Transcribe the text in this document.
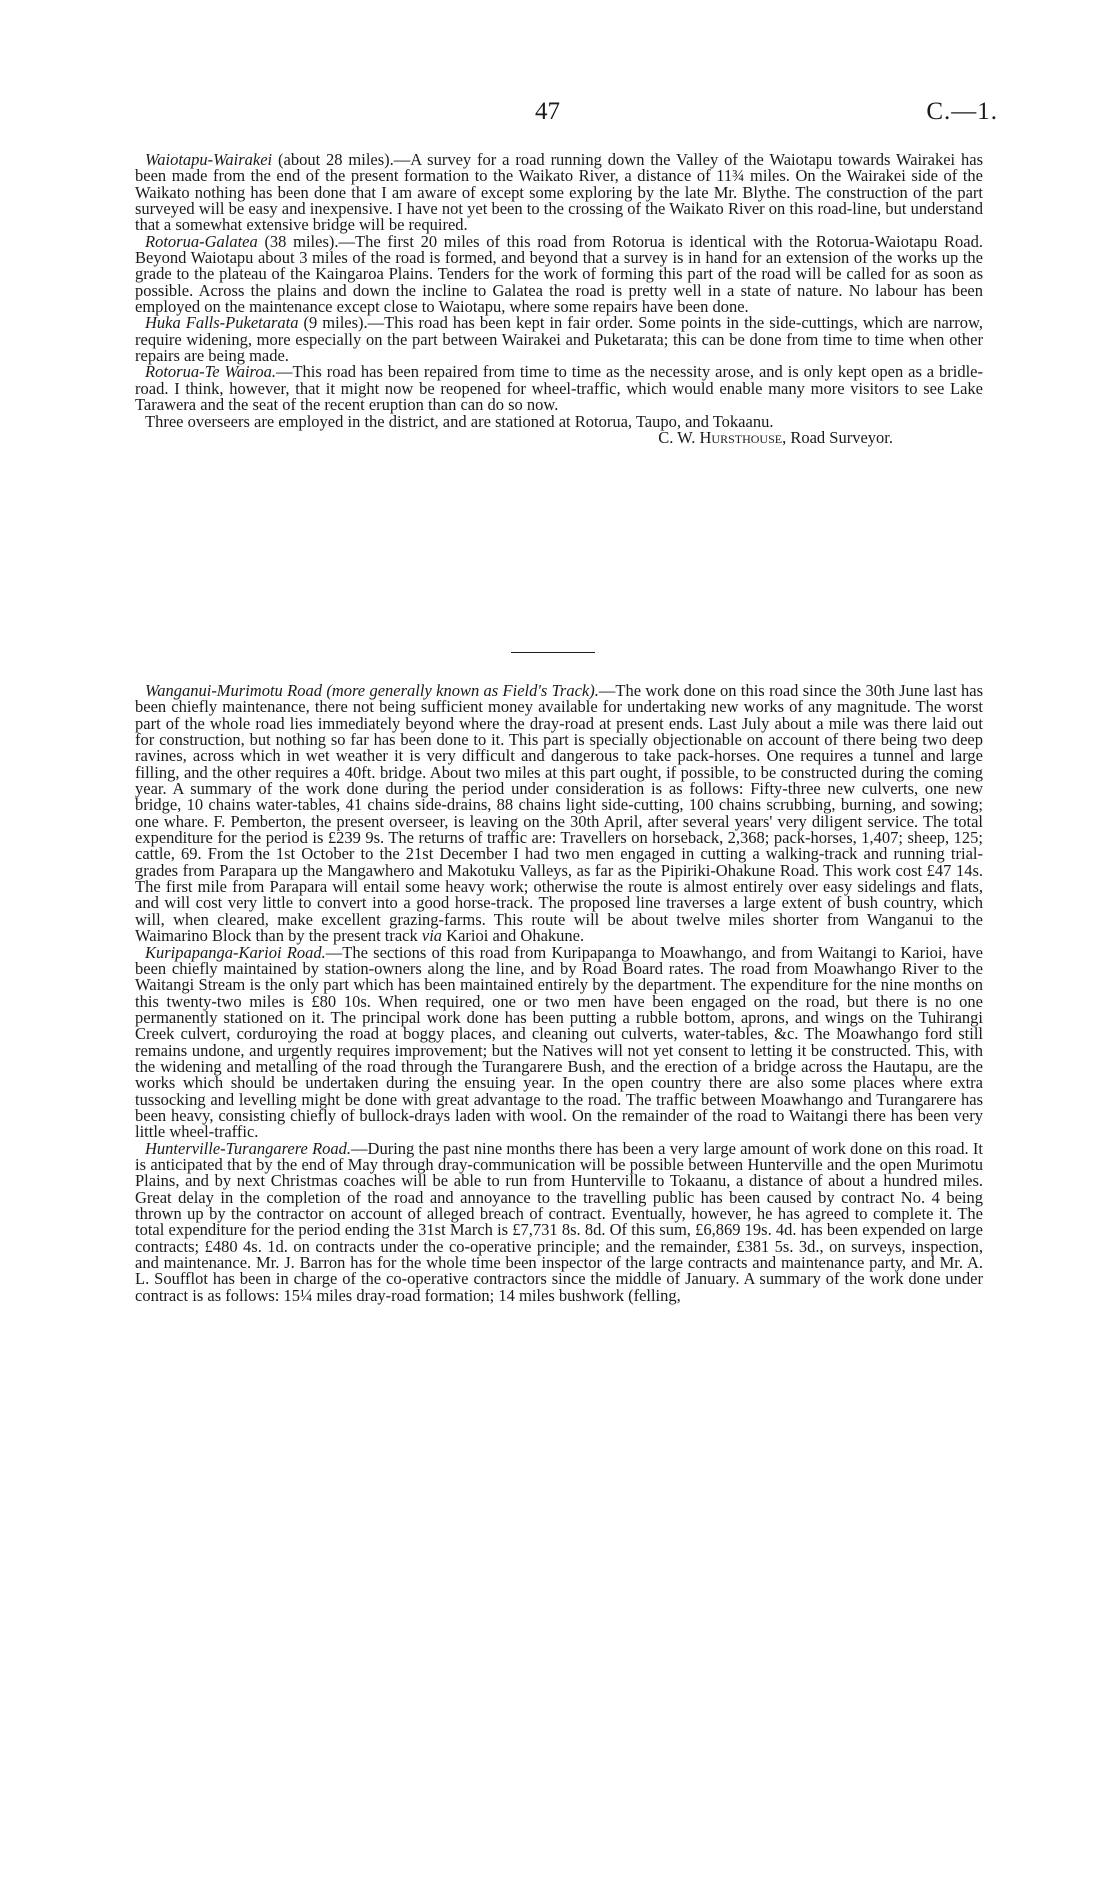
47	C.—1.

Waiotapu-Wairakei (about 28 miles).—A survey for a road running down the Valley of the Waiotapu towards Wairakei has been made from the end of the present formation to the Waikato River, a distance of 11¾ miles. On the Wairakei side of the Waikato nothing has been done that I am aware of except some exploring by the late Mr. Blythe. The construction of the part surveyed will be easy and inexpensive. I have not yet been to the crossing of the Waikato River on this road-line, but understand that a somewhat extensive bridge will be required.

Rotorua-Galatea (38 miles).—The first 20 miles of this road from Rotorua is identical with the Rotorua-Waiotapu Road. Beyond Waiotapu about 3 miles of the road is formed, and beyond that a survey is in hand for an extension of the works up the grade to the plateau of the Kaingaroa Plains. Tenders for the work of forming this part of the road will be called for as soon as possible. Across the plains and down the incline to Galatea the road is pretty well in a state of nature. No labour has been employed on the maintenance except close to Waiotapu, where some repairs have been done.

Huka Falls-Puketarata (9 miles).—This road has been kept in fair order. Some points in the side-cuttings, which are narrow, require widening, more especially on the part between Wairakei and Puketarata; this can be done from time to time when other repairs are being made.

Rotorua-Te Wairoa.—This road has been repaired from time to time as the necessity arose, and is only kept open as a bridle-road. I think, however, that it might now be reopened for wheel-traffic, which would enable many more visitors to see Lake Tarawera and the seat of the recent eruption than can do so now.

Three overseers are employed in the district, and are stationed at Rotorua, Taupo, and Tokaanu.

C. W. Hursthouse, Road Surveyor.

Wanganui-Murimotu Road (more generally known as Field's Track).—The work done on this road since the 30th June last has been chiefly maintenance, there not being sufficient money available for undertaking new works of any magnitude. The worst part of the whole road lies immediately beyond where the dray-road at present ends. Last July about a mile was there laid out for construction, but nothing so far has been done to it. This part is specially objectionable on account of there being two deep ravines, across which in wet weather it is very difficult and dangerous to take pack-horses. One requires a tunnel and large filling, and the other requires a 40ft. bridge. About two miles at this part ought, if possible, to be constructed during the coming year. A summary of the work done during the period under consideration is as follows: Fifty-three new culverts, one new bridge, 10 chains water-tables, 41 chains side-drains, 88 chains light side-cutting, 100 chains scrubbing, burning, and sowing; one whare. F. Pemberton, the present overseer, is leaving on the 30th April, after several years' very diligent service. The total expenditure for the period is £239 9s. The returns of traffic are: Travellers on horseback, 2,368; pack-horses, 1,407; sheep, 125; cattle, 69. From the 1st October to the 21st December I had two men engaged in cutting a walking-track and running trial-grades from Parapara up the Mangawhero and Makotuku Valleys, as far as the Pipiriki-Ohakune Road. This work cost £47 14s. The first mile from Parapara will entail some heavy work; otherwise the route is almost entirely over easy sidelings and flats, and will cost very little to convert into a good horse-track. The proposed line traverses a large extent of bush country, which will, when cleared, make excellent grazing-farms. This route will be about twelve miles shorter from Wanganui to the Waimarino Block than by the present track via Karioi and Ohakune.

Kuripapanga-Karioi Road.—The sections of this road from Kuripapanga to Moawhango, and from Waitangi to Karioi, have been chiefly maintained by station-owners along the line, and by Road Board rates. The road from Moawhango River to the Waitangi Stream is the only part which has been maintained entirely by the department. The expenditure for the nine months on this twenty-two miles is £80 10s. When required, one or two men have been engaged on the road, but there is no one permanently stationed on it. The principal work done has been putting a rubble bottom, aprons, and wings on the Tuhirangi Creek culvert, corduroying the road at boggy places, and cleaning out culverts, water-tables, &c. The Moawhango ford still remains undone, and urgently requires improvement; but the Natives will not yet consent to letting it be constructed. This, with the widening and metalling of the road through the Turangarere Bush, and the erection of a bridge across the Hautapu, are the works which should be undertaken during the ensuing year. In the open country there are also some places where extra tussocking and levelling might be done with great advantage to the road. The traffic between Moawhango and Turangarere has been heavy, consisting chiefly of bullock-drays laden with wool. On the remainder of the road to Waitangi there has been very little wheel-traffic.

Hunterville-Turangarere Road.—During the past nine months there has been a very large amount of work done on this road. It is anticipated that by the end of May through dray-communication will be possible between Hunterville and the open Murimotu Plains, and by next Christmas coaches will be able to run from Hunterville to Tokaanu, a distance of about a hundred miles. Great delay in the completion of the road and annoyance to the travelling public has been caused by contract No. 4 being thrown up by the contractor on account of alleged breach of contract. Eventually, however, he has agreed to complete it. The total expenditure for the period ending the 31st March is £7,731 8s. 8d. Of this sum, £6,869 19s. 4d. has been expended on large contracts; £480 4s. 1d. on contracts under the co-operative principle; and the remainder, £381 5s. 3d., on surveys, inspection, and maintenance. Mr. J. Barron has for the whole time been inspector of the large contracts and maintenance party, and Mr. A. L. Soufflot has been in charge of the co-operative contractors since the middle of January. A summary of the work done under contract is as follows: 15¼ miles dray-road formation; 14 miles bushwork (felling,
